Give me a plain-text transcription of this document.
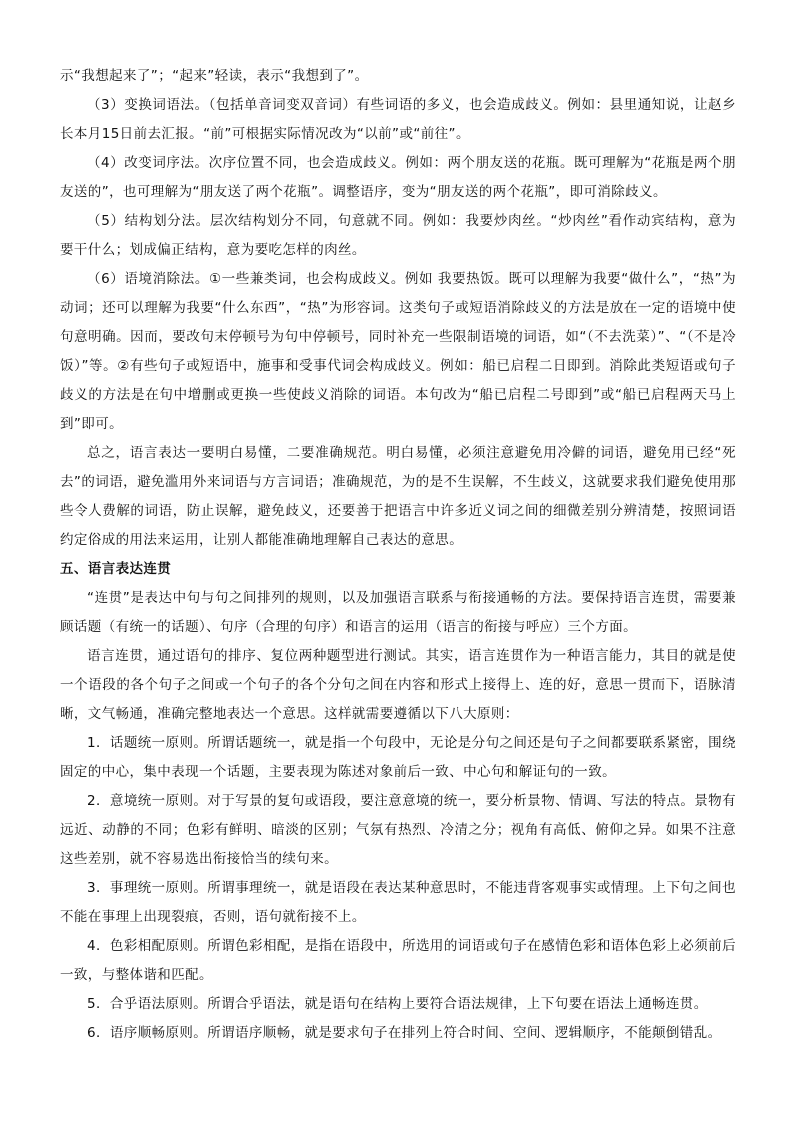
示“我想起来了”；“起来”轻读，表示“我想到了”。

（3）变换词语法。（包括单音词变双音词）有些词语的多义，也会造成歧义。例如：县里通知说，让赵乡长本月15日前去汇报。“前”可根据实际情况改为“以前”或“前往”。

（4）改变词序法。次序位置不同，也会造成歧义。例如：两个朋友送的花瓶。既可理解为“花瓶是两个朋友送的”，也可理解为“朋友送了两个花瓶”。调整语序，变为“朋友送的两个花瓶”，即可消除歧义。

（5）结构划分法。层次结构划分不同，句意就不同。例如：我要炒肉丝。“炒肉丝”看作动宾结构，意为要干什么；划成偏正结构，意为要吃怎样的肉丝。

（6）语境消除法。①一些兼类词，也会构成歧义。例如 我要热饭。既可以理解为我要“做什么”，“热”为动词；还可以理解为我要“什么东西”，“热”为形容词。这类句子或短语消除歧义的方法是放在一定的语境中使句意明确。因而，要改句末停顿号为句中停顿号，同时补充一些限制语境的词语，如“（不去洗菜）”、“（不是冷饭）”等。②有些句子或短语中，施事和受事代词会构成歧义。例如：船已启程二日即到。消除此类短语或句子歧义的方法是在句中增删或更换一些使歧义消除的词语。本句改为“船已启程二号即到”或“船已启程两天马上到”即可。

总之，语言表达一要明白易懂，二要准确规范。明白易懂，必须注意避免用冷僻的词语，避免用已经“死去”的词语，避免滥用外来词语与方言词语；准确规范，为的是不生误解，不生歧义，这就要求我们避免使用那些令人费解的词语，防止误解，避免歧义，还要善于把语言中许多近义词之间的细微差别分辨清楚，按照词语约定俗成的用法来运用，让别人都能准确地理解自己表达的意思。

五、语言表达连贯

“连贯”是表达中句与句之间排列的规则，以及加强语言联系与衔接通畅的方法。要保持语言连贯，需要兼顾话题（有统一的话题）、句序（合理的句序）和语言的运用（语言的衔接与呼应）三个方面。

语言连贯，通过语句的排序、复位两种题型进行测试。其实，语言连贯作为一种语言能力，其目的就是使一个语段的各个句子之间或一个句子的各个分句之间在内容和形式上接得上、连的好，意思一贯而下，语脉清晰，文气畅通，准确完整地表达一个意思。这样就需要遵循以下八大原则：

1．话题统一原则。所谓话题统一，就是指一个句段中，无论是分句之间还是句子之间都要联系紧密，围绕固定的中心，集中表现一个话题，主要表现为陈述对象前后一致、中心句和解证句的一致。

2．意境统一原则。对于写景的复句或语段，要注意意境的统一，要分析景物、情调、写法的特点。景物有远近、动静的不同；色彩有鲜明、暗淡的区别；气氛有热烈、冷清之分；视角有高低、俯仰之异。如果不注意这些差别，就不容易选出衔接恰当的续句来。

3．事理统一原则。所谓事理统一，就是语段在表达某种意思时，不能违背客观事实或情理。上下句之间也不能在事理上出现裂痕，否则，语句就衔接不上。

4．色彩相配原则。所谓色彩相配，是指在语段中，所选用的词语或句子在感情色彩和语体色彩上必须前后一致，与整体谐和匹配。

5．合乎语法原则。所谓合乎语法，就是语句在结构上要符合语法规律，上下句要在语法上通畅连贯。

6．语序顺畅原则。所谓语序顺畅，就是要求句子在排列上符合时间、空间、逻辑顺序，不能颠倒错乱。
